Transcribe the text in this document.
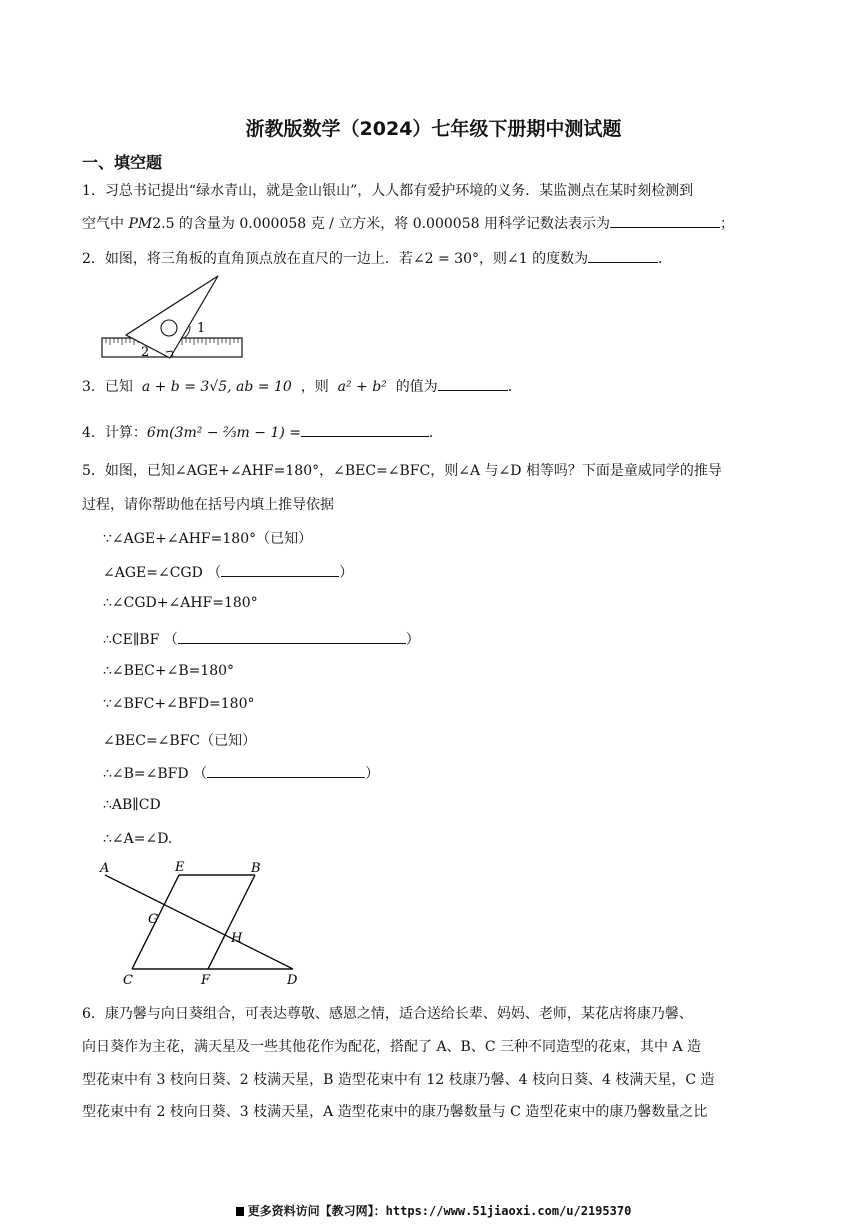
浙教版数学（2024）七年级下册期中测试题
一、填空题
1．习总书记提出“绿水青山，就是金山银山”，人人都有爱护环境的义务．某监测点在某时刻检测到
空气中 PM2.5 的含量为 0.000058 克 / 立方米，将 0.000058 用科学记数法表示为	；
2．如图，将三角板的直角顶点放在直尺的一边上．若∠2 = 30°，则∠1 的度数为	．
1
2
3．已知 a + b = 3√5, ab = 10 ，则 a² + b² 的值为	．
4．计算：6m(3m² − ⅔m − 1) =	．
5．如图，已知∠AGE+∠AHF=180°，∠BEC=∠BFC，则∠A 与∠D 相等吗？下面是童威同学的推导
过程，请你帮助他在括号内填上推导依据
∵∠AGE+∠AHF=180°（已知）
∠AGE=∠CGD （	）
∴∠CGD+∠AHF=180°
∴CE∥BF （	）
∴∠BEC+∠B=180°
∵∠BFC+∠BFD=180°
∠BEC=∠BFC（已知）
∴∠B=∠BFD （	）
∴AB∥CD
∴∠A=∠D.
A	E	B
G
H
C	F	D
6．康乃馨与向日葵组合，可表达尊敬、感恩之情，适合送给长辈、妈妈、老师，某花店将康乃馨、
向日葵作为主花，满天星及一些其他花作为配花，搭配了 A、B、C 三种不同造型的花束，其中 A 造
型花束中有 3 枝向日葵、2 枝满天星，B 造型花束中有 12 枝康乃馨、4 枝向日葵、4 枝满天星，C 造
型花束中有 2 枝向日葵、3 枝满天星，A 造型花束中的康乃馨数量与 C 造型花束中的康乃馨数量之比
更多资料访问【教习网】：https://www.51jiaoxi.com/u/2195370
